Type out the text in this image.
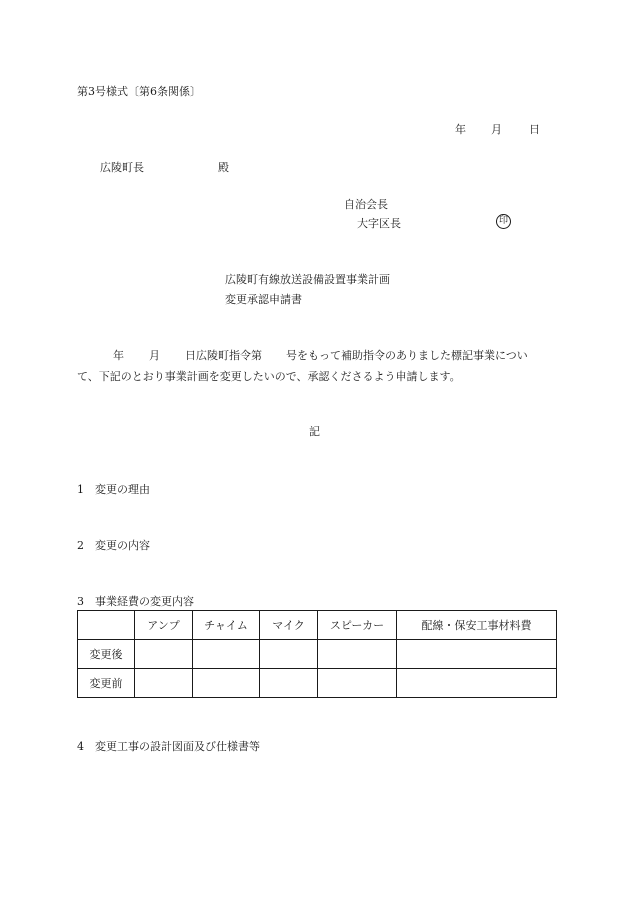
第3号様式〔第6条関係〕
年 月 日
広陵町長	殿
自治会長
大字区長	印
広陵町有線放送設備設置事業計画
変更承認申請書
年 月 日広陵町指令第 号をもって補助指令のありました標記事業につい
て、下記のとおり事業計画を変更したいので、承認くださるよう申請します。
記
1 変更の理由
2 変更の内容
3 事業経費の変更内容
	アンプ	チャイム	マイク	スピーカー	配線・保安工事材料費
変更後					
変更前					
4 変更工事の設計図面及び仕様書等
